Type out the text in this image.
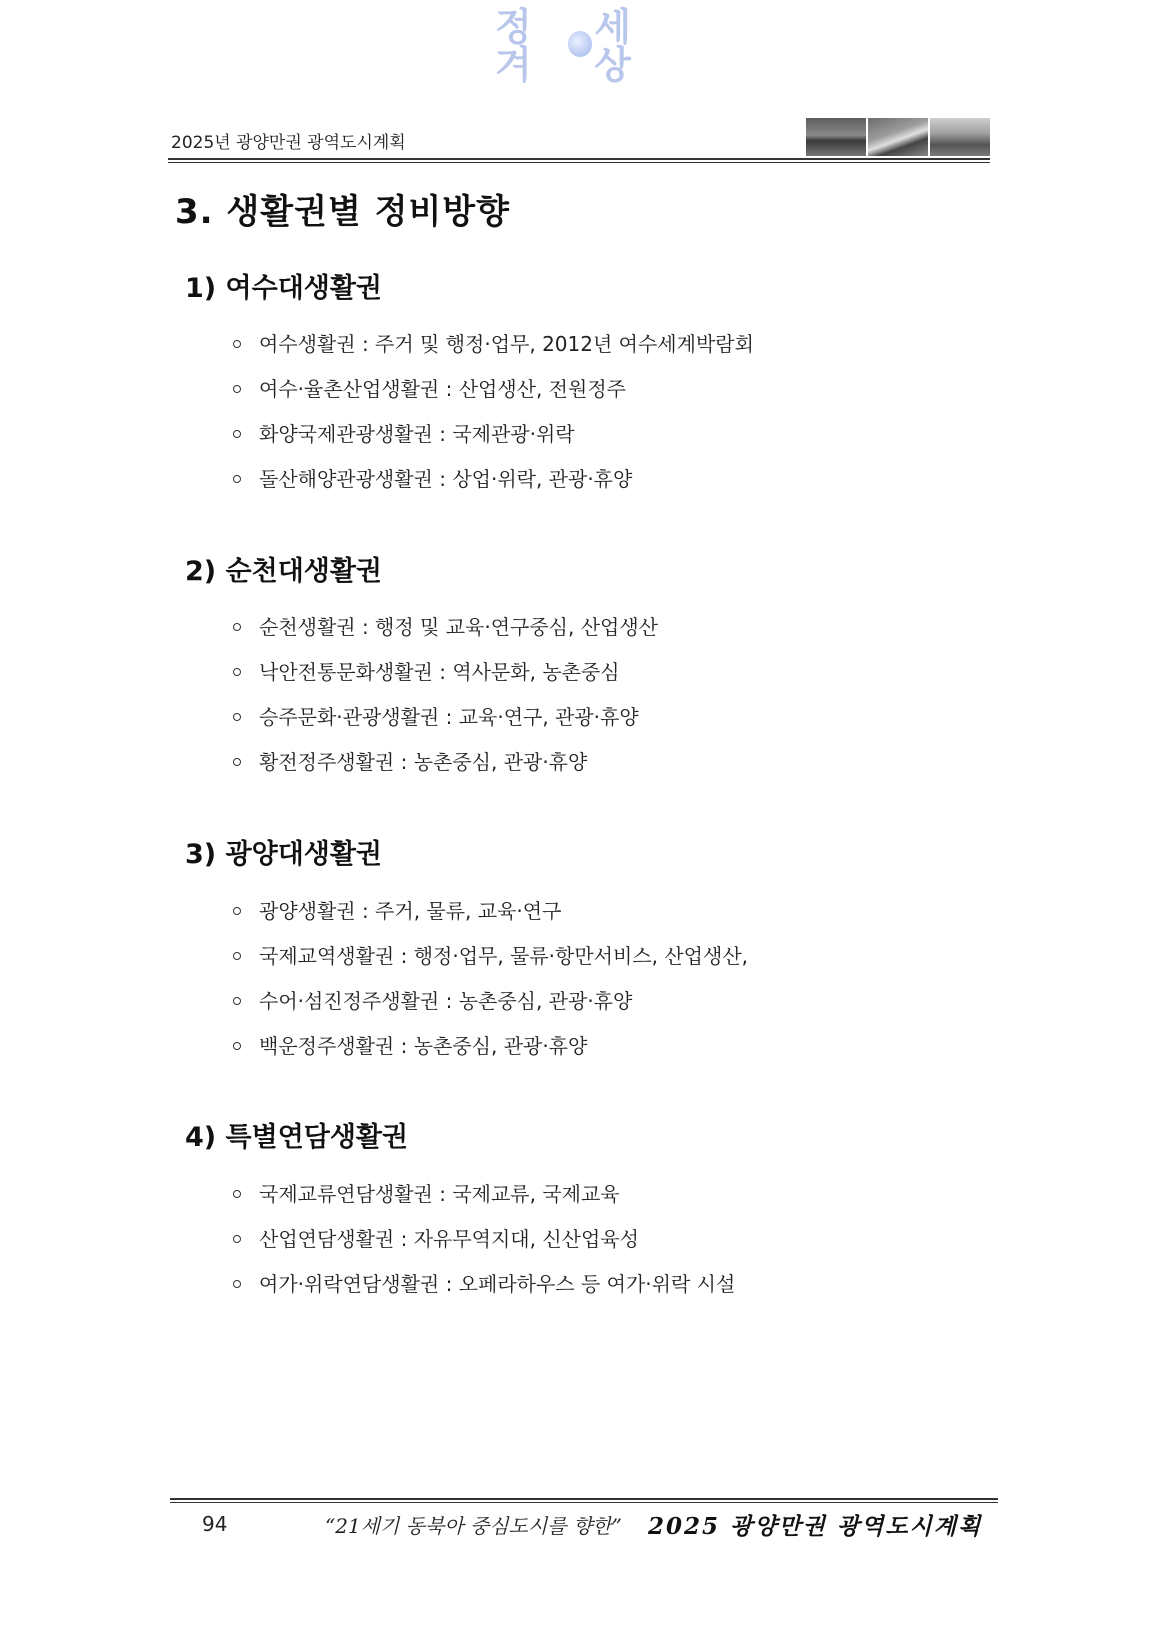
정겨
세상
2025년 광양만권 광역도시계획
3. 생활권별 정비방향
1) 여수대생활권
여수생활권 : 주거 및 행정·업무, 2012년 여수세계박람회
여수·율촌산업생활권 : 산업생산, 전원정주
화양국제관광생활권 : 국제관광·위락
돌산해양관광생활권 : 상업·위락, 관광·휴양
2) 순천대생활권
순천생활권 : 행정 및 교육·연구중심, 산업생산
낙안전통문화생활권 : 역사문화, 농촌중심
승주문화·관광생활권 : 교육·연구, 관광·휴양
황전정주생활권 : 농촌중심, 관광·휴양
3) 광양대생활권
광양생활권 : 주거, 물류, 교육·연구
국제교역생활권 : 행정·업무, 물류·항만서비스, 산업생산,
수어·섬진정주생활권 : 농촌중심, 관광·휴양
백운정주생활권 : 농촌중심, 관광·휴양
4) 특별연담생활권
국제교류연담생활권 : 국제교류, 국제교육
산업연담생활권 : 자유무역지대, 신산업육성
여가·위락연담생활권 : 오페라하우스 등 여가·위락 시설
94	“21세기 동북아 중심도시를 향한” 2025 광양만권 광역도시계획
